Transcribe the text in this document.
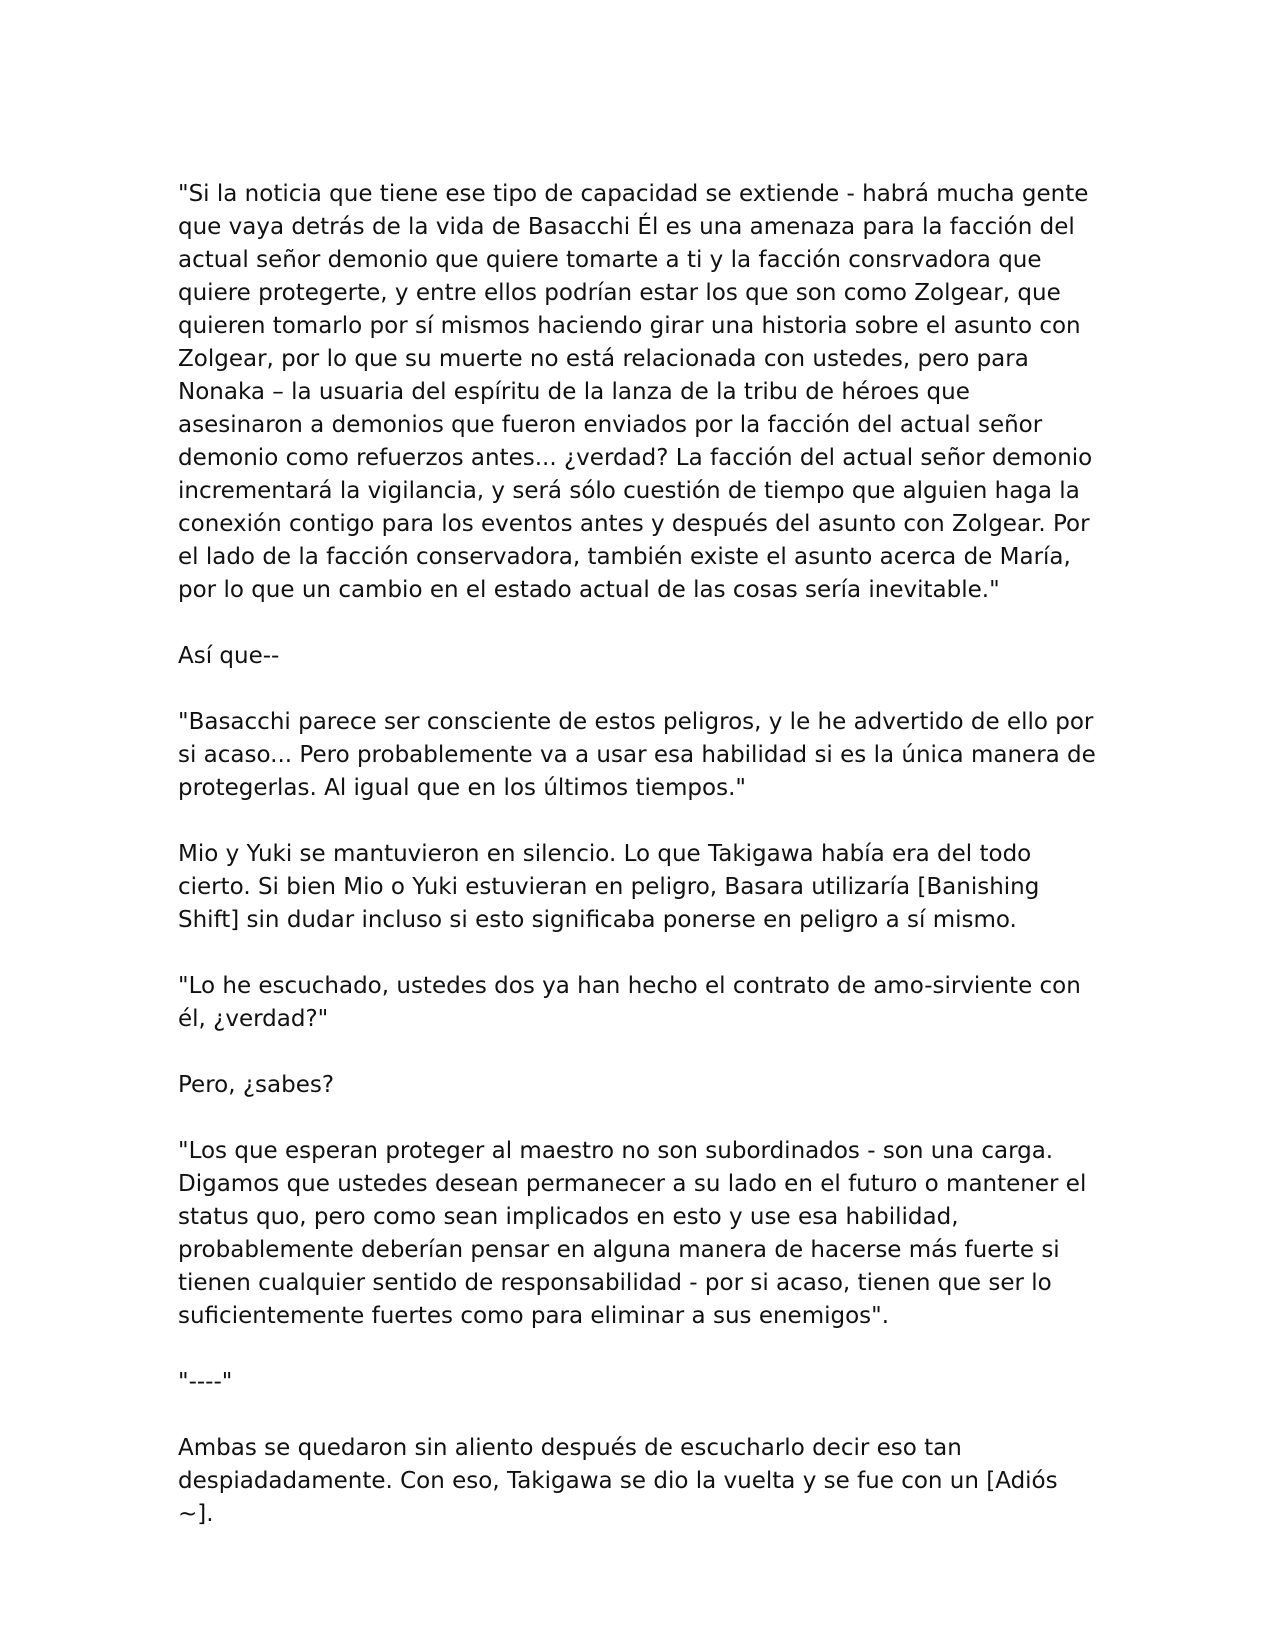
"Si la noticia que tiene ese tipo de capacidad se extiende - habrá mucha gente que vaya detrás de la vida de Basacchi Él es una amenaza para la facción del actual señor demonio que quiere tomarte a ti y la facción consrvadora que quiere protegerte, y entre ellos podrían estar los que son como Zolgear, que quieren tomarlo por sí mismos haciendo girar una historia sobre el asunto con Zolgear, por lo que su muerte no está relacionada con ustedes, pero para Nonaka – la usuaria del espíritu de la lanza de la tribu de héroes que asesinaron a demonios que fueron enviados por la facción del actual señor demonio como refuerzos antes... ¿verdad? La facción del actual señor demonio incrementará la vigilancia, y será sólo cuestión de tiempo que alguien haga la conexión contigo para los eventos antes y después del asunto con Zolgear. Por el lado de la facción conservadora, también existe el asunto acerca de María, por lo que un cambio en el estado actual de las cosas sería inevitable."

Así que--

"Basacchi parece ser consciente de estos peligros, y le he advertido de ello por si acaso... Pero probablemente va a usar esa habilidad si es la única manera de protegerlas. Al igual que en los últimos tiempos."

Mio y Yuki se mantuvieron en silencio. Lo que Takigawa había era del todo cierto. Si bien Mio o Yuki estuvieran en peligro, Basara utilizaría [Banishing Shift] sin dudar incluso si esto significaba ponerse en peligro a sí mismo.

"Lo he escuchado, ustedes dos ya han hecho el contrato de amo-sirviente con él, ¿verdad?"

Pero, ¿sabes?

"Los que esperan proteger al maestro no son subordinados - son una carga. Digamos que ustedes desean permanecer a su lado en el futuro o mantener el status quo, pero como sean implicados en esto y use esa habilidad, probablemente deberían pensar en alguna manera de hacerse más fuerte si tienen cualquier sentido de responsabilidad - por si acaso, tienen que ser lo suficientemente fuertes como para eliminar a sus enemigos".

"----"

Ambas se quedaron sin aliento después de escucharlo decir eso tan despiadadamente. Con eso, Takigawa se dio la vuelta y se fue con un [Adiós ~].
